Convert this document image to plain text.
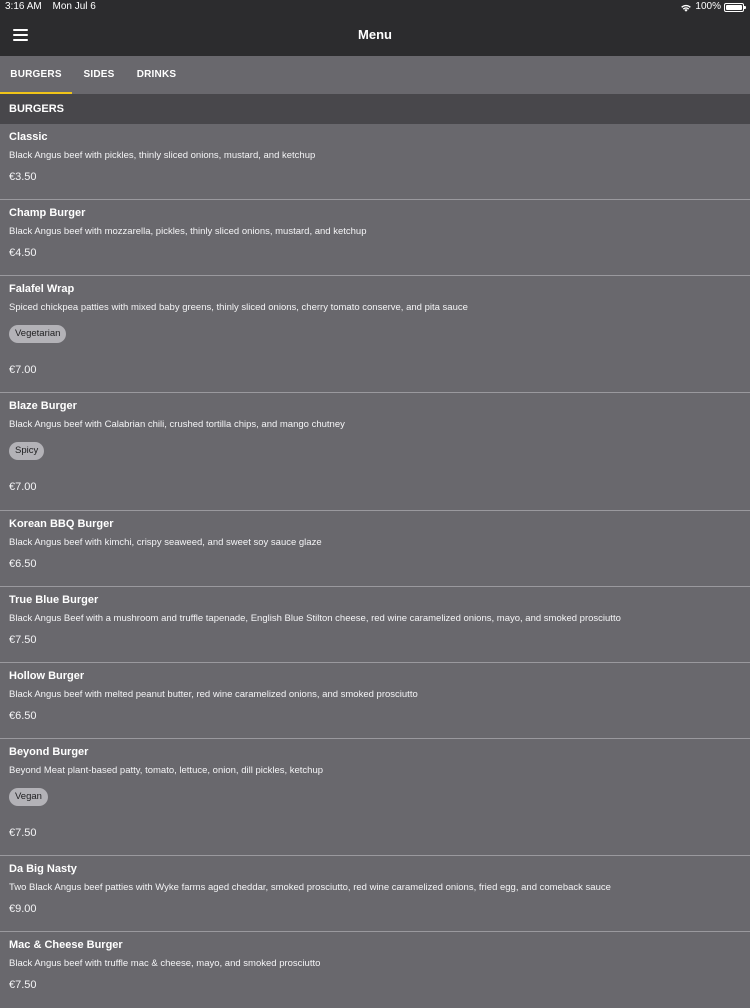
3:16 AM Mon Jul 6	100%
Menu
BURGERS	SIDES	DRINKS
BURGERS
Classic
Black Angus beef with pickles, thinly sliced onions, mustard, and ketchup
€3.50
Champ Burger
Black Angus beef with mozzarella, pickles, thinly sliced onions, mustard, and ketchup
€4.50
Falafel Wrap
Spiced chickpea patties with mixed baby greens, thinly sliced onions, cherry tomato conserve, and pita sauce
Vegetarian
€7.00
Blaze Burger
Black Angus beef with Calabrian chili, crushed tortilla chips, and mango chutney
Spicy
€7.00
Korean BBQ Burger
Black Angus beef with kimchi, crispy seaweed, and sweet soy sauce glaze
€6.50
True Blue Burger
Black Angus Beef with a mushroom and truffle tapenade, English Blue Stilton cheese, red wine caramelized onions, mayo, and smoked prosciutto
€7.50
Hollow Burger
Black Angus beef with melted peanut butter, red wine caramelized onions, and smoked prosciutto
€6.50
Beyond Burger
Beyond Meat plant-based patty, tomato, lettuce, onion, dill pickles, ketchup
Vegan
€7.50
Da Big Nasty
Two Black Angus beef patties with Wyke farms aged cheddar, smoked prosciutto, red wine caramelized onions, fried egg, and comeback sauce
€9.00
Mac & Cheese Burger
Black Angus beef with truffle mac & cheese, mayo, and smoked prosciutto
€7.50
